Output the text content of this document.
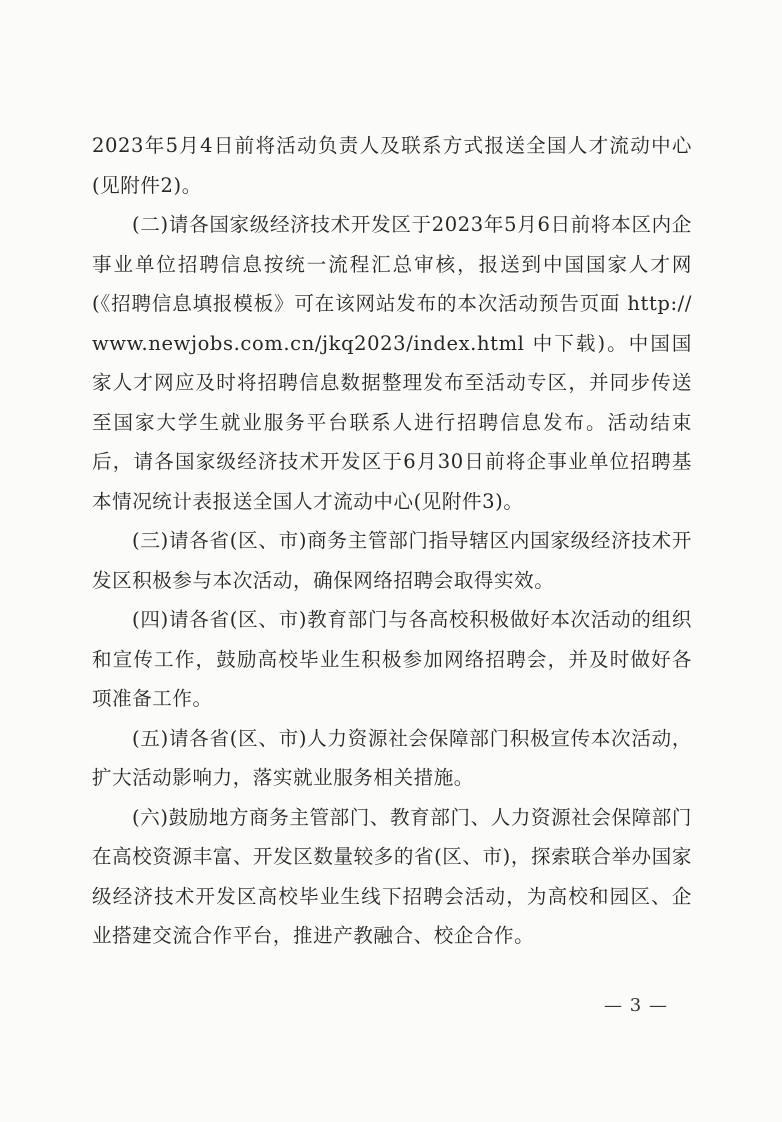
2023年5月4日前将活动负责人及联系方式报送全国人才流动中心(见附件2)。

(二)请各国家级经济技术开发区于2023年5月6日前将本区内企事业单位招聘信息按统一流程汇总审核，报送到中国国家人才网(《招聘信息填报模板》可在该网站发布的本次活动预告页面 http://www.newjobs.com.cn/jkq2023/index.html 中下载)。中国国家人才网应及时将招聘信息数据整理发布至活动专区，并同步传送至国家大学生就业服务平台联系人进行招聘信息发布。活动结束后，请各国家级经济技术开发区于6月30日前将企事业单位招聘基本情况统计表报送全国人才流动中心(见附件3)。

(三)请各省(区、市)商务主管部门指导辖区内国家级经济技术开发区积极参与本次活动，确保网络招聘会取得实效。

(四)请各省(区、市)教育部门与各高校积极做好本次活动的组织和宣传工作，鼓励高校毕业生积极参加网络招聘会，并及时做好各项准备工作。

(五)请各省(区、市)人力资源社会保障部门积极宣传本次活动，扩大活动影响力，落实就业服务相关措施。

(六)鼓励地方商务主管部门、教育部门、人力资源社会保障部门在高校资源丰富、开发区数量较多的省(区、市)，探索联合举办国家级经济技术开发区高校毕业生线下招聘会活动，为高校和园区、企业搭建交流合作平台，推进产教融合、校企合作。

— 3 —
